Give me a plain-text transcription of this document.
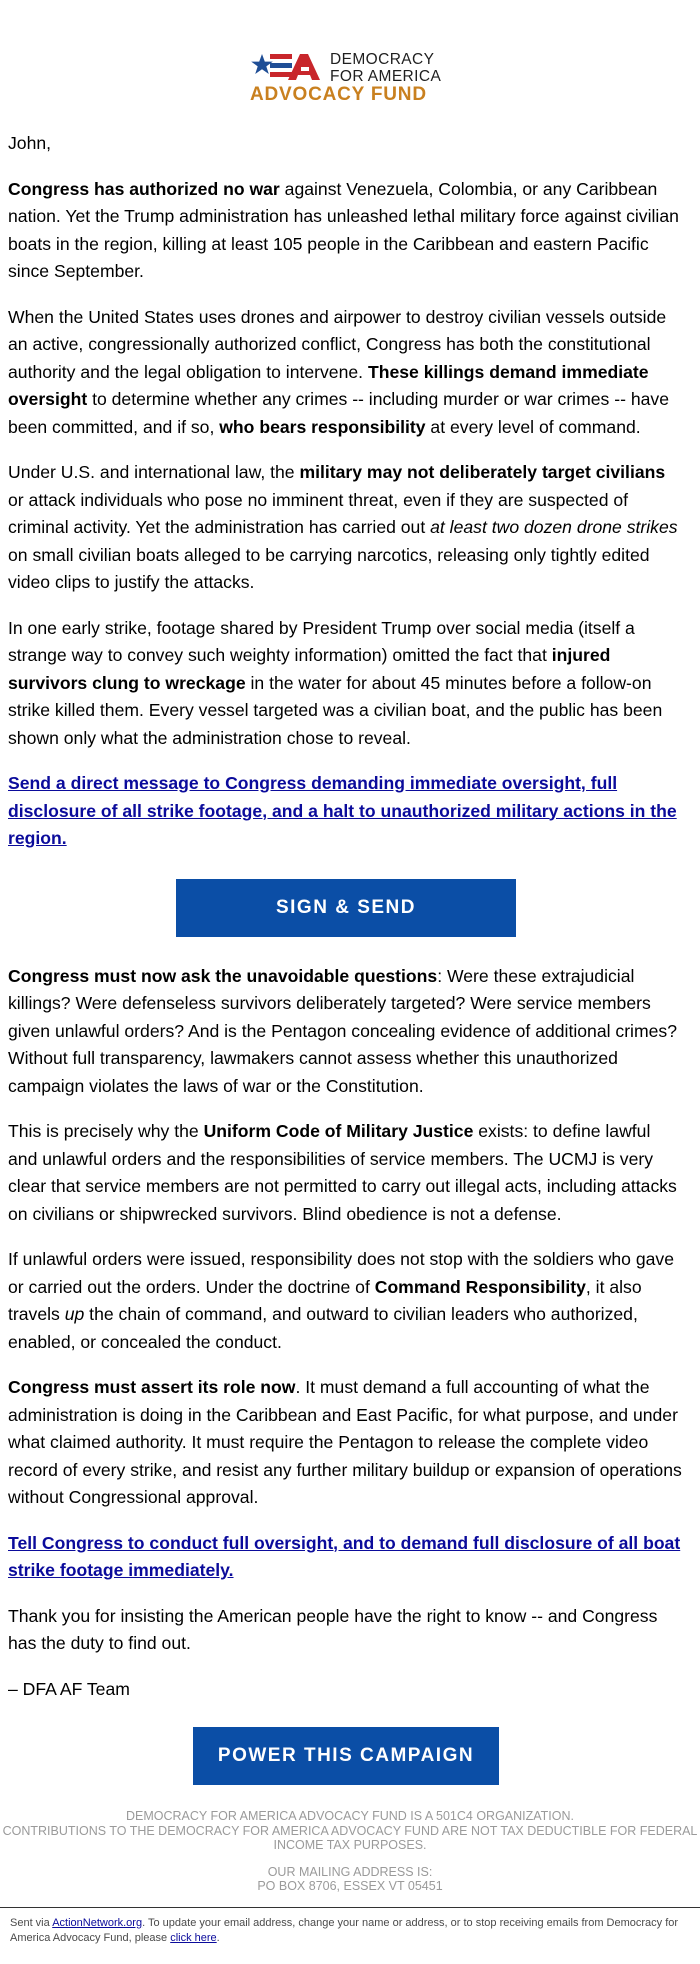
DEMOCRACY
FOR AMERICA
ADVOCACY FUND

John,

Congress has authorized no war against Venezuela, Colombia, or any Caribbean nation. Yet the Trump administration has unleashed lethal military force against civilian boats in the region, killing at least 105 people in the Caribbean and eastern Pacific since September.

When the United States uses drones and airpower to destroy civilian vessels outside an active, congressionally authorized conflict, Congress has both the constitutional authority and the legal obligation to intervene. These killings demand immediate oversight to determine whether any crimes -- including murder or war crimes -- have been committed, and if so, who bears responsibility at every level of command.

Under U.S. and international law, the military may not deliberately target civilians or attack individuals who pose no imminent threat, even if they are suspected of criminal activity. Yet the administration has carried out at least two dozen drone strikes on small civilian boats alleged to be carrying narcotics, releasing only tightly edited video clips to justify the attacks.

In one early strike, footage shared by President Trump over social media (itself a strange way to convey such weighty information) omitted the fact that injured survivors clung to wreckage in the water for about 45 minutes before a follow-on strike killed them. Every vessel targeted was a civilian boat, and the public has been shown only what the administration chose to reveal.

Send a direct message to Congress demanding immediate oversight, full disclosure of all strike footage, and a halt to unauthorized military actions in the region.

SIGN & SEND

Congress must now ask the unavoidable questions: Were these extrajudicial killings? Were defenseless survivors deliberately targeted? Were service members given unlawful orders? And is the Pentagon concealing evidence of additional crimes? Without full transparency, lawmakers cannot assess whether this unauthorized campaign violates the laws of war or the Constitution.

This is precisely why the Uniform Code of Military Justice exists: to define lawful and unlawful orders and the responsibilities of service members. The UCMJ is very clear that service members are not permitted to carry out illegal acts, including attacks on civilians or shipwrecked survivors. Blind obedience is not a defense.

If unlawful orders were issued, responsibility does not stop with the soldiers who gave or carried out the orders. Under the doctrine of Command Responsibility, it also travels up the chain of command, and outward to civilian leaders who authorized, enabled, or concealed the conduct.

Congress must assert its role now. It must demand a full accounting of what the administration is doing in the Caribbean and East Pacific, for what purpose, and under what claimed authority. It must require the Pentagon to release the complete video record of every strike, and resist any further military buildup or expansion of operations without Congressional approval.

Tell Congress to conduct full oversight, and to demand full disclosure of all boat strike footage immediately.

Thank you for insisting the American people have the right to know -- and Congress has the duty to find out.

– DFA AF Team

POWER THIS CAMPAIGN
DEMOCRACY FOR AMERICA ADVOCACY FUND IS A 501C4 ORGANIZATION.
CONTRIBUTIONS TO THE DEMOCRACY FOR AMERICA ADVOCACY FUND ARE NOT TAX DEDUCTIBLE FOR FEDERAL INCOME TAX PURPOSES.
OUR MAILING ADDRESS IS:
PO BOX 8706, ESSEX VT 05451
Sent via ActionNetwork.org. To update your email address, change your name or address, or to stop receiving emails from Democracy for America Advocacy Fund, please click here.
